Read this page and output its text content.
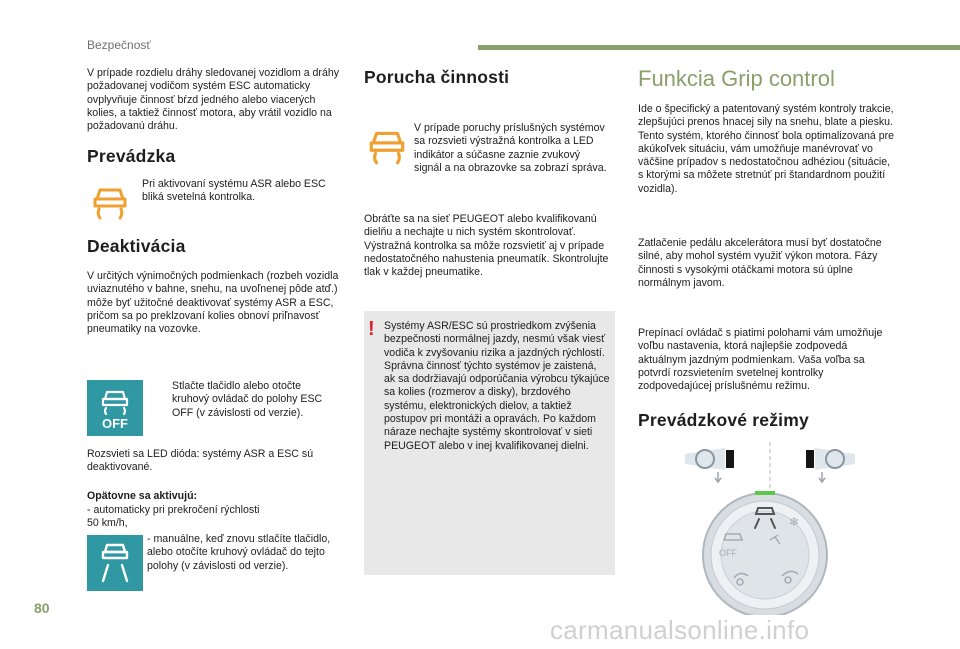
Bezpečnosť

V prípade rozdielu dráhy sledovanej vozidlom a dráhy požadovanej vodičom systém ESC automaticky ovplyvňuje činnosť bŕzd jedného alebo viacerých kolies, a taktiež činnosť motora, aby vrátil vozidlo na požadovanú dráhu.

Prevádzka

Pri aktivovaní systému ASR alebo ESC bliká svetelná kontrolka.

Deaktivácia

V určitých výnimočných podmienkach (rozbeh vozidla uviaznutého v bahne, snehu, na uvoľnenej pôde atď.) môže byť užitočné deaktivovať systémy ASR a ESC, pričom sa po preklzovaní kolies obnoví priľnavosť pneumatiky na vozovke.

OFF

Stlačte tlačidlo alebo otočte kruhový ovládač do polohy ESC OFF (v závislosti od verzie).

Rozsvieti sa LED dióda: systémy ASR a ESC sú deaktivované.

Opätovne sa aktivujú:

- automaticky pri prekročení rýchlosti
50 km/h,

- manuálne, keď znovu stlačíte tlačidlo, alebo otočíte kruhový ovládač do tejto polohy (v závislosti od verzie).

Porucha činnosti

V prípade poruchy príslušných systémov sa rozsvieti výstražná kontrolka a LED indikátor a súčasne zaznie zvukový signál a na obrazovke sa zobrazí správa.

Obráťte sa na sieť PEUGEOT alebo kvalifikovanú dielňu a nechajte u nich systém skontrolovať. Výstražná kontrolka sa môže rozsvietiť aj v prípade nedostatočného nahustenia pneumatík. Skontrolujte tlak v každej pneumatike.

! Systémy ASR/ESC sú prostriedkom zvýšenia bezpečnosti normálnej jazdy, nesmú však viesť vodiča k zvyšovaniu rizika a jazdných rýchlostí. Správna činnosť týchto systémov je zaistená, ak sa dodržiavajú odporúčania výrobcu týkajúce sa kolies (rozmerov a disky), brzdového systému, elektronických dielov, a taktiež postupov pri montáži a opravách. Po každom náraze nechajte systémy skontrolovať v sieti PEUGEOT alebo v inej kvalifikovanej dielni.

Funkcia Grip control

Ide o špecifický a patentovaný systém kontroly trakcie, zlepšujúci prenos hnacej sily na snehu, blate a piesku.
Tento systém, ktorého činnosť bola optimalizovaná pre akúkoľvek situáciu, vám umožňuje manévrovať vo väčšine prípadov s nedostatočnou adhéziou (situácie, s ktorými sa môžete stretnúť pri štandardnom použití vozidla).

Zatlačenie pedálu akcelerátora musí byť dostatočne silné, aby mohol systém využiť výkon motora. Fázy činnosti s vysokými otáčkami motora sú úplne normálnym javom.

Prepínací ovládač s piatimi polohami vám umožňuje voľbu nastavenia, ktorá najlepšie zodpovedá aktuálnym jazdným podmienkam. Vaša voľba sa potvrdí rozsvietením svetelnej kontrolky zodpovedajúcej príslušnému režimu.

Prevádzkové režimy
❄
OFF
80
carmanualsonline.info
